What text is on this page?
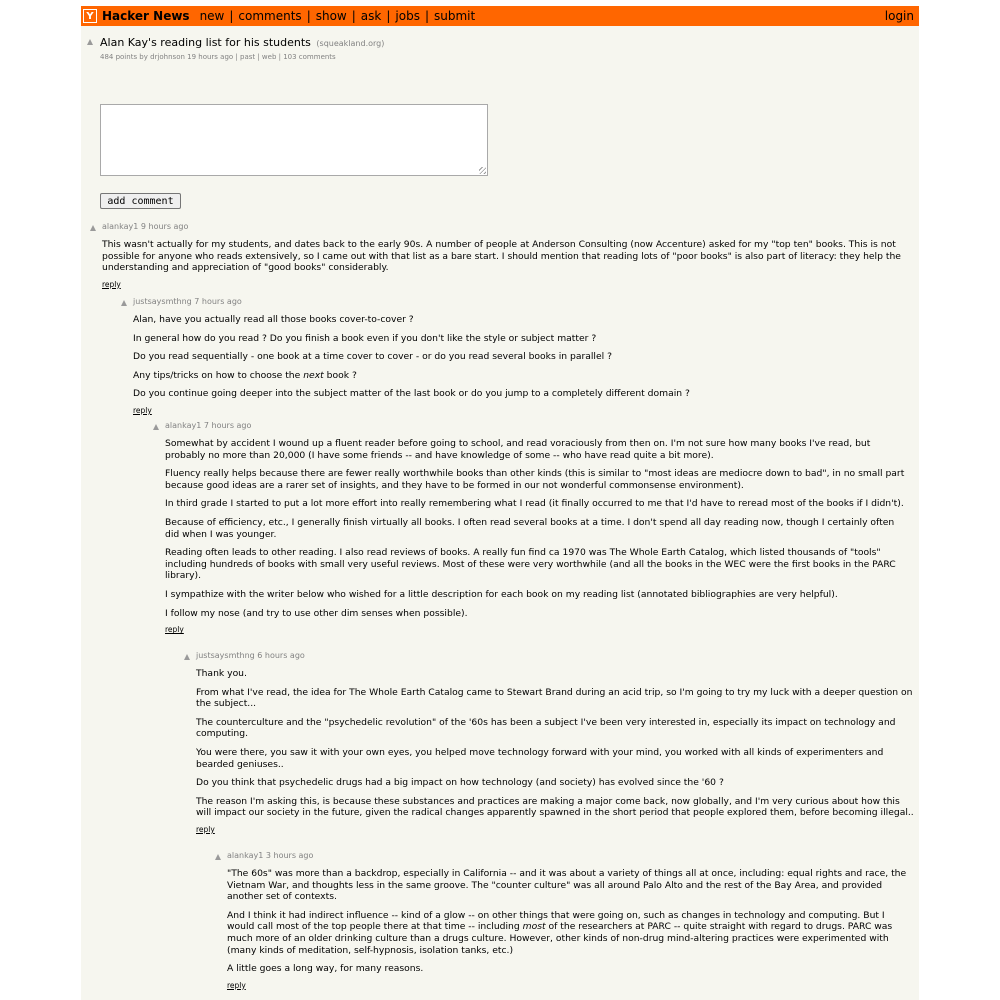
Y Hacker News new | comments | show | ask | jobs | submit	login
Alan Kay's reading list for his students (squeakland.org)
484 points by drjohnson 19 hours ago | past | web | 103 comments
add comment
alankay1 9 hours ago
This wasn't actually for my students, and dates back to the early 90s. A number of people at Anderson Consulting (now Accenture) asked for my "top ten" books. This is not possible for anyone who reads extensively, so I came out with that list as a bare start. I should mention that reading lots of "poor books" is also part of literacy: they help the understanding and appreciation of "good books" considerably.
reply
justsaysmthng 7 hours ago
Alan, have you actually read all those books cover-to-cover ?
In general how do you read ? Do you finish a book even if you don't like the style or subject matter ?
Do you read sequentially - one book at a time cover to cover - or do you read several books in parallel ?
Any tips/tricks on how to choose the next book ?
Do you continue going deeper into the subject matter of the last book or do you jump to a completely different domain ?
reply
alankay1 7 hours ago
Somewhat by accident I wound up a fluent reader before going to school, and read voraciously from then on. I'm not sure how many books I've read, but probably no more than 20,000 (I have some friends -- and have knowledge of some -- who have read quite a bit more).
Fluency really helps because there are fewer really worthwhile books than other kinds (this is similar to "most ideas are mediocre down to bad", in no small part because good ideas are a rarer set of insights, and they have to be formed in our not wonderful commonsense environment).
In third grade I started to put a lot more effort into really remembering what I read (it finally occurred to me that I'd have to reread most of the books if I didn't).
Because of efficiency, etc., I generally finish virtually all books. I often read several books at a time. I don't spend all day reading now, though I certainly often did when I was younger.
Reading often leads to other reading. I also read reviews of books. A really fun find ca 1970 was The Whole Earth Catalog, which listed thousands of "tools" including hundreds of books with small very useful reviews. Most of these were very worthwhile (and all the books in the WEC were the first books in the PARC library).
I sympathize with the writer below who wished for a little description for each book on my reading list (annotated bibliographies are very helpful).
I follow my nose (and try to use other dim senses when possible).
reply
justsaysmthng 6 hours ago
Thank you.
From what I've read, the idea for The Whole Earth Catalog came to Stewart Brand during an acid trip, so I'm going to try my luck with a deeper question on the subject...
The counterculture and the "psychedelic revolution" of the '60s has been a subject I've been very interested in, especially its impact on technology and computing.
You were there, you saw it with your own eyes, you helped move technology forward with your mind, you worked with all kinds of experimenters and bearded geniuses..
Do you think that psychedelic drugs had a big impact on how technology (and society) has evolved since the '60 ?
The reason I'm asking this, is because these substances and practices are making a major come back, now globally, and I'm very curious about how this will impact our society in the future, given the radical changes apparently spawned in the short period that people explored them, before becoming illegal..
reply
alankay1 3 hours ago
"The 60s" was more than a backdrop, especially in California -- and it was about a variety of things all at once, including: equal rights and race, the Vietnam War, and thoughts less in the same groove. The "counter culture" was all around Palo Alto and the rest of the Bay Area, and provided another set of contexts.
And I think it had indirect influence -- kind of a glow -- on other things that were going on, such as changes in technology and computing. But I would call most of the top people there at that time -- including most of the researchers at PARC -- quite straight with regard to drugs. PARC was much more of an older drinking culture than a drugs culture. However, other kinds of non-drug mind-altering practices were experimented with (many kinds of meditation, self-hypnosis, isolation tanks, etc.)
A little goes a long way, for many reasons.
reply
